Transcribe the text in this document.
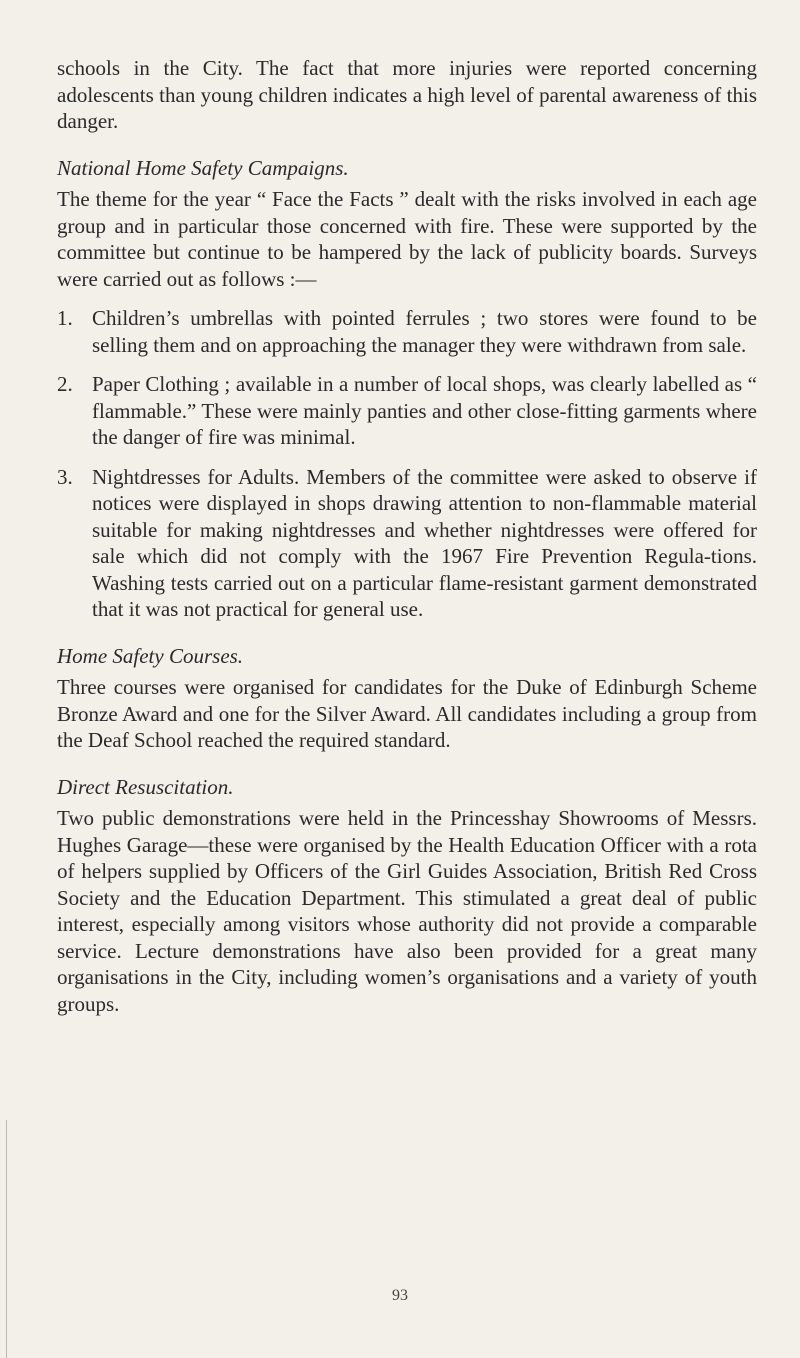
schools in the City. The fact that more injuries were reported concerning adolescents than young children indicates a high level of parental awareness of this danger.

National Home Safety Campaigns.

The theme for the year “ Face the Facts ” dealt with the risks involved in each age group and in particular those concerned with fire. These were supported by the committee but continue to be hampered by the lack of publicity boards. Surveys were carried out as follows :—

1. Children’s umbrellas with pointed ferrules ; two stores were found to be selling them and on approaching the manager they were withdrawn from sale.
2. Paper Clothing ; available in a number of local shops, was clearly labelled as “ flammable.” These were mainly panties and other close-fitting garments where the danger of fire was minimal.
3. Nightdresses for Adults. Members of the committee were asked to observe if notices were displayed in shops drawing attention to non-flammable material suitable for making nightdresses and whether nightdresses were offered for sale which did not comply with the 1967 Fire Prevention Regula-tions. Washing tests carried out on a particular flame-resistant garment demonstrated that it was not practical for general use.

Home Safety Courses.

Three courses were organised for candidates for the Duke of Edinburgh Scheme Bronze Award and one for the Silver Award. All candidates including a group from the Deaf School reached the required standard.

Direct Resuscitation.

Two public demonstrations were held in the Princesshay Showrooms of Messrs. Hughes Garage—these were organised by the Health Education Officer with a rota of helpers supplied by Officers of the Girl Guides Association, British Red Cross Society and the Education Department. This stimulated a great deal of public interest, especially among visitors whose authority did not provide a comparable service. Lecture demonstrations have also been provided for a great many organisations in the City, including women’s organisations and a variety of youth groups.

93
